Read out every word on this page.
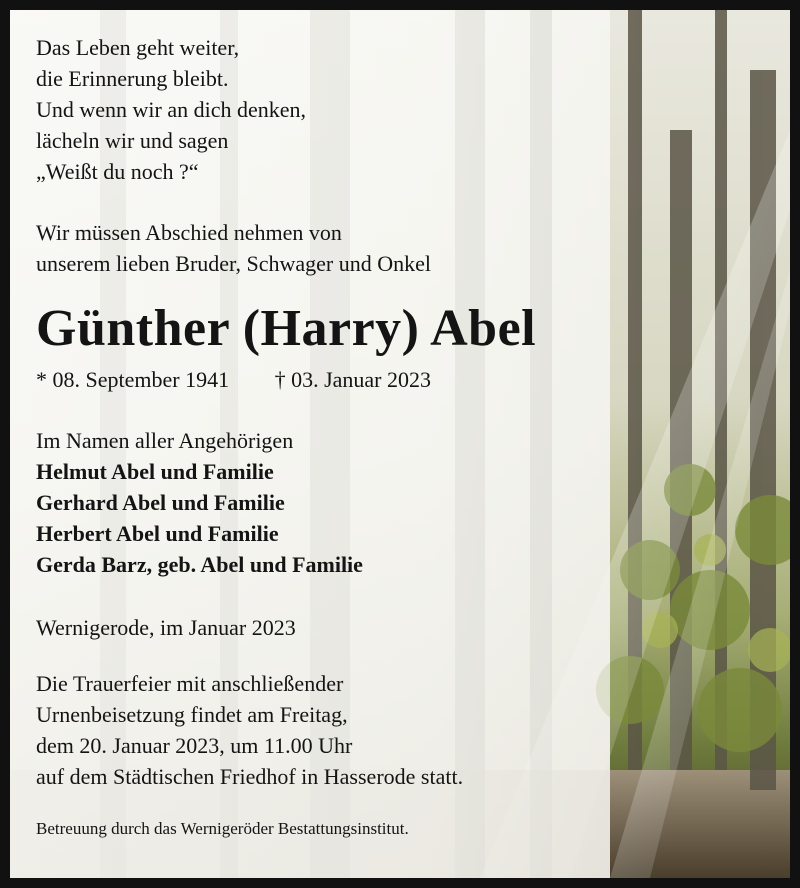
Das Leben geht weiter,
die Erinnerung bleibt.
Und wenn wir an dich denken,
lächeln wir und sagen
„Weißt du noch ?“
Wir müssen Abschied nehmen von
unserem lieben Bruder, Schwager und Onkel
Günther (Harry) Abel
* 08. September 1941 † 03. Januar 2023
Im Namen aller Angehörigen
Helmut Abel und Familie
Gerhard Abel und Familie
Herbert Abel und Familie
Gerda Barz, geb. Abel und Familie
Wernigerode, im Januar 2023
Die Trauerfeier mit anschließender
Urnenbeisetzung findet am Freitag,
dem 20. Januar 2023, um 11.00 Uhr
auf dem Städtischen Friedhof in Hasserode statt.
Betreuung durch das Wernigeröder Bestattungsinstitut.
